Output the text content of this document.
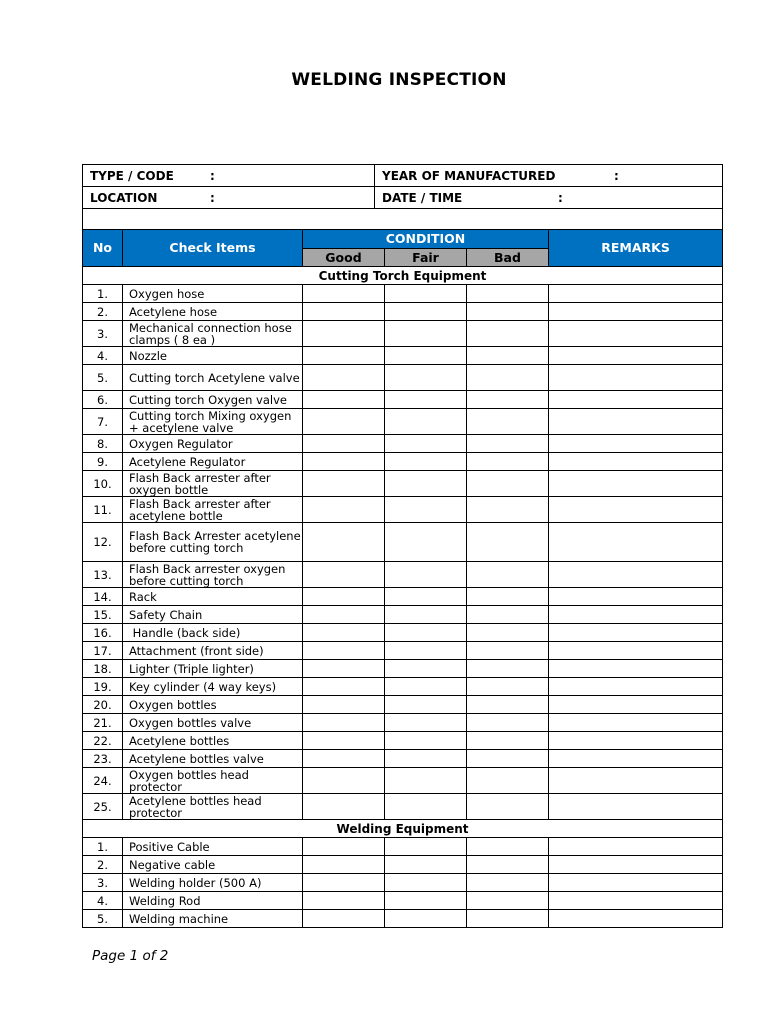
WELDING INSPECTION
TYPE / CODE :	YEAR OF MANUFACTURED :
LOCATION :	DATE / TIME :

No	Check Items	CONDITION			REMARKS
		Good	Fair	Bad	
Cutting Torch Equipment					
1.	Oxygen hose				
2.	Acetylene hose				
3.	Mechanical connection hose clamps ( 8 ea )				
4.	Nozzle				
5.	Cutting torch Acetylene valve				
6.	Cutting torch Oxygen valve				
7.	Cutting torch Mixing oxygen + acetylene valve				
8.	Oxygen Regulator				
9.	Acetylene Regulator				
10.	Flash Back arrester after oxygen bottle				
11.	Flash Back arrester after acetylene bottle				
12.	Flash Back Arrester acetylene before cutting torch				
13.	Flash Back arrester oxygen before cutting torch				
14.	Rack				
15.	Safety Chain				
16.	Handle (back side)				
17.	Attachment (front side)				
18.	Lighter (Triple lighter)				
19.	Key cylinder (4 way keys)				
20.	Oxygen bottles				
21.	Oxygen bottles valve				
22.	Acetylene bottles				
23.	Acetylene bottles valve				
24.	Oxygen bottles head protector				
25.	Acetylene bottles head protector				
Welding Equipment					
1.	Positive Cable				
2.	Negative cable				
3.	Welding holder (500 A)				
4.	Welding Rod				
5.	Welding machine				
Page 1 of 2
